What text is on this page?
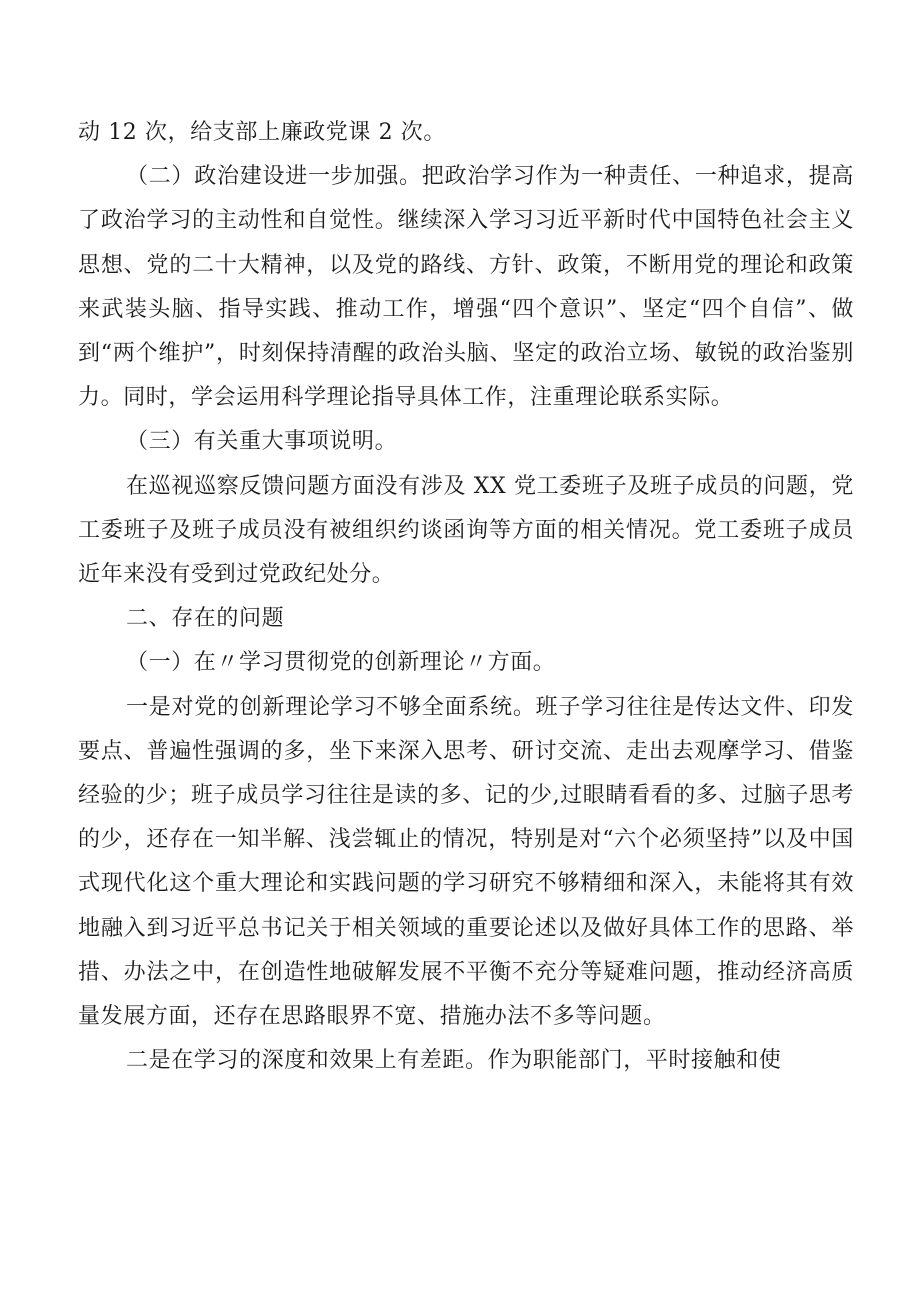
动 12 次，给支部上廉政党课 2 次。

（二）政治建设进一步加强。把政治学习作为一种责任、一种追求，提高了政治学习的主动性和自觉性。继续深入学习习近平新时代中国特色社会主义思想、党的二十大精神，以及党的路线、方针、政策，不断用党的理论和政策来武装头脑、指导实践、推动工作，增强“四个意识”、坚定“四个自信”、做到“两个维护”，时刻保持清醒的政治头脑、坚定的政治立场、敏锐的政治鉴别力。同时，学会运用科学理论指导具体工作，注重理论联系实际。

（三）有关重大事项说明。

在巡视巡察反馈问题方面没有涉及 XX 党工委班子及班子成员的问题，党工委班子及班子成员没有被组织约谈函询等方面的相关情况。党工委班子成员近年来没有受到过党政纪处分。

二、存在的问题

（一）在〃学习贯彻党的创新理论〃方面。

一是对党的创新理论学习不够全面系统。班子学习往往是传达文件、印发要点、普遍性强调的多，坐下来深入思考、研讨交流、走出去观摩学习、借鉴经验的少；班子成员学习往往是读的多、记的少,过眼睛看看的多、过脑子思考的少，还存在一知半解、浅尝辄止的情况，特别是对“六个必须坚持”以及中国式现代化这个重大理论和实践问题的学习研究不够精细和深入，未能将其有效地融入到习近平总书记关于相关领域的重要论述以及做好具体工作的思路、举措、办法之中，在创造性地破解发展不平衡不充分等疑难问题，推动经济高质量发展方面，还存在思路眼界不宽、措施办法不多等问题。

二是在学习的深度和效果上有差距。作为职能部门，平时接触和使
